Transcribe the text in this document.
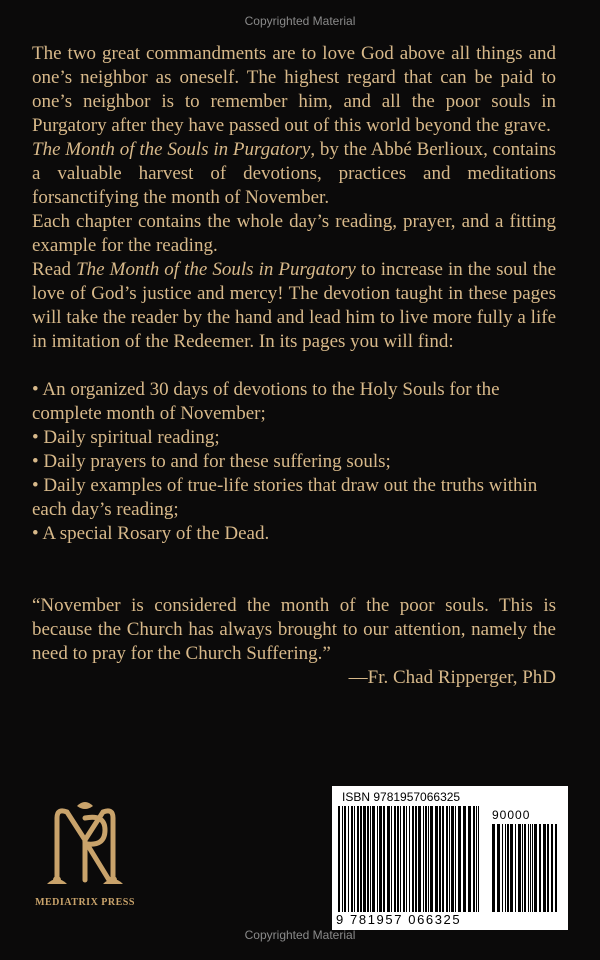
Copyrighted Material

The two great commandments are to love God above all things and one’s neighbor as oneself. The highest regard that can be paid to one’s neighbor is to remember him, and all the poor souls in Purgatory after they have passed out of this world beyond the grave.

The Month of the Souls in Purgatory, by the Abbé Berlioux, contains a valuable harvest of devotions, practices and meditations forsanctifying the month of November.

Each chapter contains the whole day’s reading, prayer, and a fitting example for the reading.

Read The Month of the Souls in Purgatory to increase in the soul the love of God’s justice and mercy! The devotion taught in these pages will take the reader by the hand and lead him to live more fully a life in imitation of the Redeemer. In its pages you will find:

• An organized 30 days of devotions to the Holy Souls for the complete month of November;
• Daily spiritual reading;
• Daily prayers to and for these suffering souls;
• Daily examples of true-life stories that draw out the truths within each day’s reading;
• A special Rosary of the Dead.

“November is considered the month of the poor souls. This is because the Church has always brought to our attention, namely the need to pray for the Church Suffering.”

—Fr. Chad Ripperger, PhD

MEDIATRIX PRESS
ISBN 9781957066325
90000
9 781957 066325
Copyrighted Material
